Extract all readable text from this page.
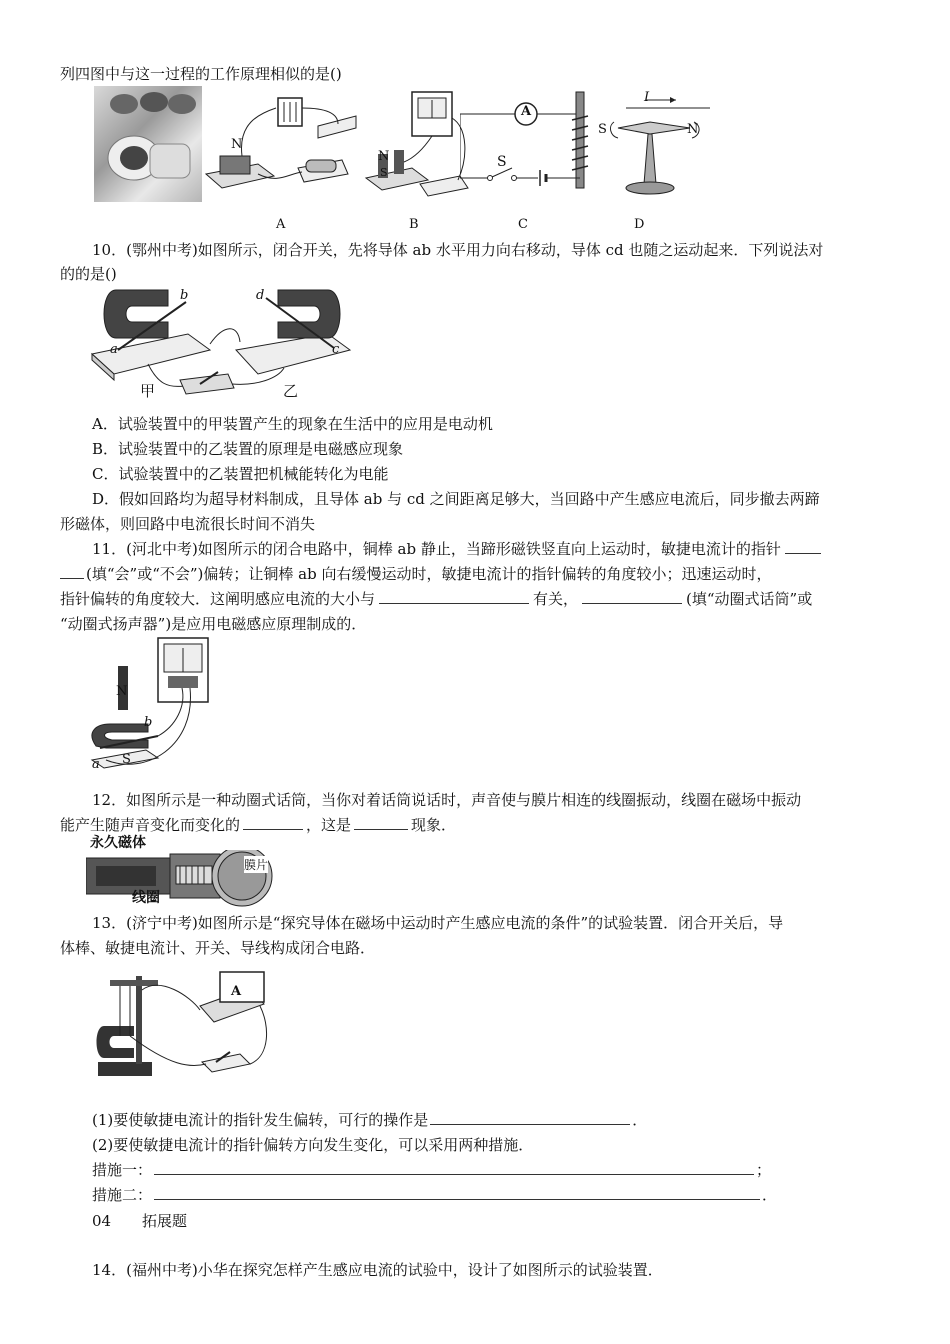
列四图中与这一过程的工作原理相似的是()
N
N
S
A
S
I
S	N
A	B	C	D
10．(鄂州中考)如图所示，闭合开关，先将导体 ab 水平用力向右移动，导体 cd 也随之运动起来．下列说法对
的的是()
a
b
c
d
甲	乙
A．试验装置中的甲装置产生的现象在生活中的应用是电动机
B．试验装置中的乙装置的原理是电磁感应现象
C．试验装置中的乙装置把机械能转化为电能
D．假如回路均为超导材料制成，且导体 ab 与 cd 之间距离足够大，当回路中产生感应电流后，同步撤去两蹄
形磁体，则回路中电流很长时间不消失
11．(河北中考)如图所示的闭合电路中，铜棒 ab 静止，当蹄形磁铁竖直向上运动时，敏捷电流计的指针
(填“会”或“不会”)偏转；让铜棒 ab 向右缓慢运动时，敏捷电流计的指针偏转的角度较小；迅速运动时，
指针偏转的角度较大．这阐明感应电流的大小与	有关，	(填“动圈式话筒”或
“动圈式扬声器”)是应用电磁感应原理制成的．
N
S
a
b
12．如图所示是一种动圈式话筒，当你对着话筒说话时，声音使与膜片相连的线圈振动，线圈在磁场中振动
能产生随声音变化而变化的	，这是	现象．
永久磁体
膜片
线圈
13．(济宁中考)如图所示是“探究导体在磁场中运动时产生感应电流的条件”的试验装置．闭合开关后，导
体棒、敏捷电流计、开关、导线构成闭合电路．
A
(1)要使敏捷电流计的指针发生偏转，可行的操作是	．
(2)要使敏捷电流计的指针偏转方向发生变化，可以采用两种措施．
措施一：	；
措施二：	．
04 拓展题
14．(福州中考)小华在探究怎样产生感应电流的试验中，设计了如图所示的试验装置．
